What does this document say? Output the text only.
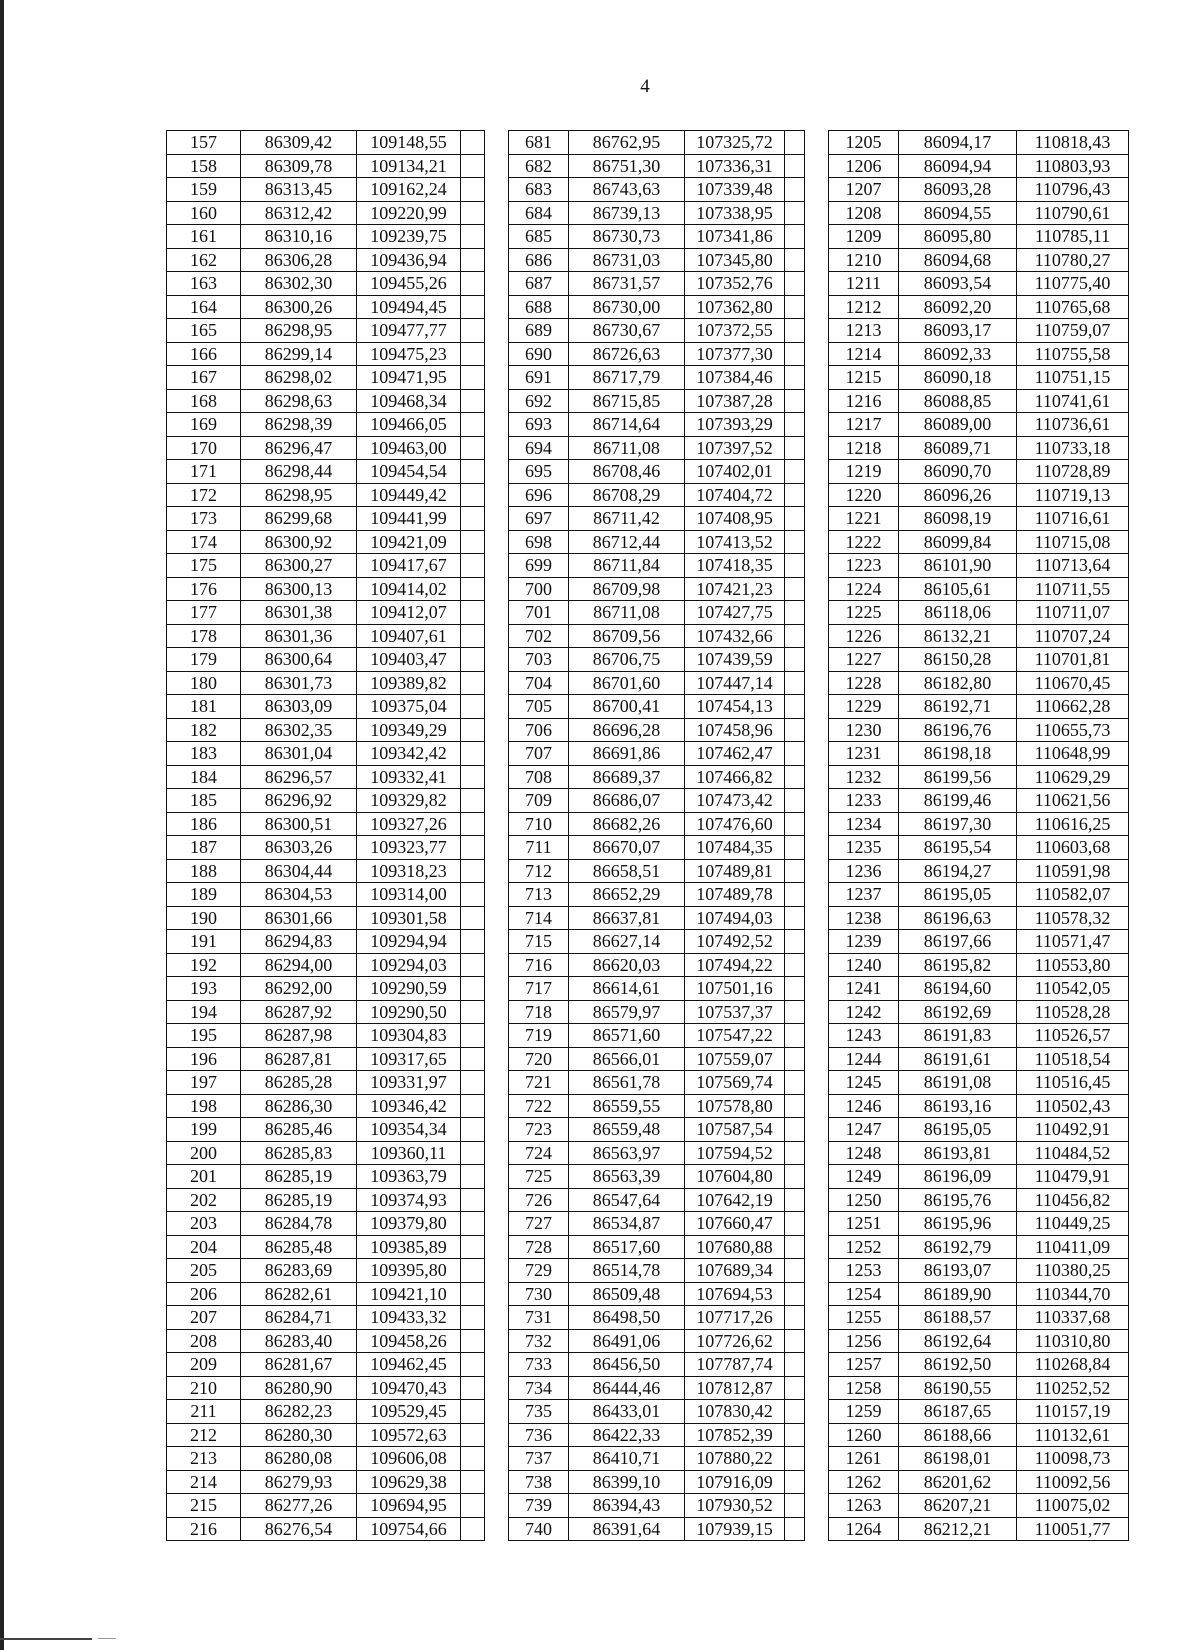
4
157	86309,42	109148,55	
158	86309,78	109134,21	
159	86313,45	109162,24	
160	86312,42	109220,99	
161	86310,16	109239,75	
162	86306,28	109436,94	
163	86302,30	109455,26	
164	86300,26	109494,45	
165	86298,95	109477,77	
166	86299,14	109475,23	
167	86298,02	109471,95	
168	86298,63	109468,34	
169	86298,39	109466,05	
170	86296,47	109463,00	
171	86298,44	109454,54	
172	86298,95	109449,42	
173	86299,68	109441,99	
174	86300,92	109421,09	
175	86300,27	109417,67	
176	86300,13	109414,02	
177	86301,38	109412,07	
178	86301,36	109407,61	
179	86300,64	109403,47	
180	86301,73	109389,82	
181	86303,09	109375,04	
182	86302,35	109349,29	
183	86301,04	109342,42	
184	86296,57	109332,41	
185	86296,92	109329,82	
186	86300,51	109327,26	
187	86303,26	109323,77	
188	86304,44	109318,23	
189	86304,53	109314,00	
190	86301,66	109301,58	
191	86294,83	109294,94	
192	86294,00	109294,03	
193	86292,00	109290,59	
194	86287,92	109290,50	
195	86287,98	109304,83	
196	86287,81	109317,65	
197	86285,28	109331,97	
198	86286,30	109346,42	
199	86285,46	109354,34	
200	86285,83	109360,11	
201	86285,19	109363,79	
202	86285,19	109374,93	
203	86284,78	109379,80	
204	86285,48	109385,89	
205	86283,69	109395,80	
206	86282,61	109421,10	
207	86284,71	109433,32	
208	86283,40	109458,26	
209	86281,67	109462,45	
210	86280,90	109470,43	
211	86282,23	109529,45	
212	86280,30	109572,63	
213	86280,08	109606,08	
214	86279,93	109629,38	
215	86277,26	109694,95	
216	86276,54	109754,66	
681	86762,95	107325,72	
682	86751,30	107336,31	
683	86743,63	107339,48	
684	86739,13	107338,95	
685	86730,73	107341,86	
686	86731,03	107345,80	
687	86731,57	107352,76	
688	86730,00	107362,80	
689	86730,67	107372,55	
690	86726,63	107377,30	
691	86717,79	107384,46	
692	86715,85	107387,28	
693	86714,64	107393,29	
694	86711,08	107397,52	
695	86708,46	107402,01	
696	86708,29	107404,72	
697	86711,42	107408,95	
698	86712,44	107413,52	
699	86711,84	107418,35	
700	86709,98	107421,23	
701	86711,08	107427,75	
702	86709,56	107432,66	
703	86706,75	107439,59	
704	86701,60	107447,14	
705	86700,41	107454,13	
706	86696,28	107458,96	
707	86691,86	107462,47	
708	86689,37	107466,82	
709	86686,07	107473,42	
710	86682,26	107476,60	
711	86670,07	107484,35	
712	86658,51	107489,81	
713	86652,29	107489,78	
714	86637,81	107494,03	
715	86627,14	107492,52	
716	86620,03	107494,22	
717	86614,61	107501,16	
718	86579,97	107537,37	
719	86571,60	107547,22	
720	86566,01	107559,07	
721	86561,78	107569,74	
722	86559,55	107578,80	
723	86559,48	107587,54	
724	86563,97	107594,52	
725	86563,39	107604,80	
726	86547,64	107642,19	
727	86534,87	107660,47	
728	86517,60	107680,88	
729	86514,78	107689,34	
730	86509,48	107694,53	
731	86498,50	107717,26	
732	86491,06	107726,62	
733	86456,50	107787,74	
734	86444,46	107812,87	
735	86433,01	107830,42	
736	86422,33	107852,39	
737	86410,71	107880,22	
738	86399,10	107916,09	
739	86394,43	107930,52	
740	86391,64	107939,15	
1205	86094,17	110818,43
1206	86094,94	110803,93
1207	86093,28	110796,43
1208	86094,55	110790,61
1209	86095,80	110785,11
1210	86094,68	110780,27
1211	86093,54	110775,40
1212	86092,20	110765,68
1213	86093,17	110759,07
1214	86092,33	110755,58
1215	86090,18	110751,15
1216	86088,85	110741,61
1217	86089,00	110736,61
1218	86089,71	110733,18
1219	86090,70	110728,89
1220	86096,26	110719,13
1221	86098,19	110716,61
1222	86099,84	110715,08
1223	86101,90	110713,64
1224	86105,61	110711,55
1225	86118,06	110711,07
1226	86132,21	110707,24
1227	86150,28	110701,81
1228	86182,80	110670,45
1229	86192,71	110662,28
1230	86196,76	110655,73
1231	86198,18	110648,99
1232	86199,56	110629,29
1233	86199,46	110621,56
1234	86197,30	110616,25
1235	86195,54	110603,68
1236	86194,27	110591,98
1237	86195,05	110582,07
1238	86196,63	110578,32
1239	86197,66	110571,47
1240	86195,82	110553,80
1241	86194,60	110542,05
1242	86192,69	110528,28
1243	86191,83	110526,57
1244	86191,61	110518,54
1245	86191,08	110516,45
1246	86193,16	110502,43
1247	86195,05	110492,91
1248	86193,81	110484,52
1249	86196,09	110479,91
1250	86195,76	110456,82
1251	86195,96	110449,25
1252	86192,79	110411,09
1253	86193,07	110380,25
1254	86189,90	110344,70
1255	86188,57	110337,68
1256	86192,64	110310,80
1257	86192,50	110268,84
1258	86190,55	110252,52
1259	86187,65	110157,19
1260	86188,66	110132,61
1261	86198,01	110098,73
1262	86201,62	110092,56
1263	86207,21	110075,02
1264	86212,21	110051,77
